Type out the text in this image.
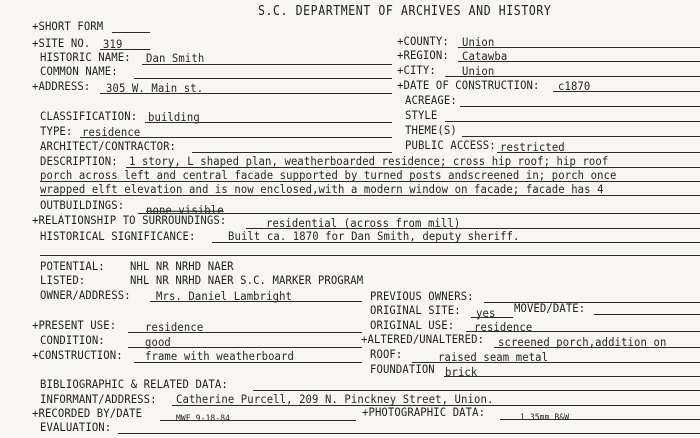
S.C. DEPARTMENT OF ARCHIVES AND HISTORY
+SHORT FORM
+SITE NO. 319	+COUNTY: Union
HISTORIC NAME: Dan Smith	+REGION: Catawba
COMMON NAME:	+CITY: Union
+ADDRESS: 305 W. Main st.	+DATE OF CONSTRUCTION: c1870
ACREAGE:
CLASSIFICATION: building	STYLE
TYPE: residence	THEME(S)
ARCHITECT/CONTRACTOR:	PUBLIC ACCESS: restricted
DESCRIPTION: 1 story, L shaped plan, weatherboarded residence; cross hip roof; hip roof
porch across left and central facade supported by turned posts andscreened in; porch once
wrapped elft elevation and is now enclosed,with a modern window on facade; facade has 4
OUTBUILDINGS: none visible
+RELATIONSHIP TO SURROUNDINGS:	residential (across from mill)
HISTORICAL SIGNIFICANCE:	Built ca. 1870 for Dan Smith, deputy sheriff.
POTENTIAL: NHL NR NRHD NAER
LISTED:	NHL NR NRHD NAER S.C. MARKER PROGRAM
OWNER/ADDRESS: Mrs. Daniel Lambright	PREVIOUS OWNERS:
ORIGINAL SITE: yes MOVED/DATE:
+PRESENT USE:	residence	ORIGINAL USE: residence
CONDITION:	good	+ALTERED/UNALTERED: screened porch,addition on
+CONSTRUCTION: frame with weatherboard	ROOF:	raised seam metal
FOUNDATION brick
BIBLIOGRAPHIC & RELATED DATA:
INFORMANT/ADDRESS: Catherine Purcell, 209 N. Pinckney Street, Union.
+RECORDED BY/DATE	MWE 9-18-84	+PHOTOGRAPHIC DATA:	1 35mm B&W
EVALUATION:
